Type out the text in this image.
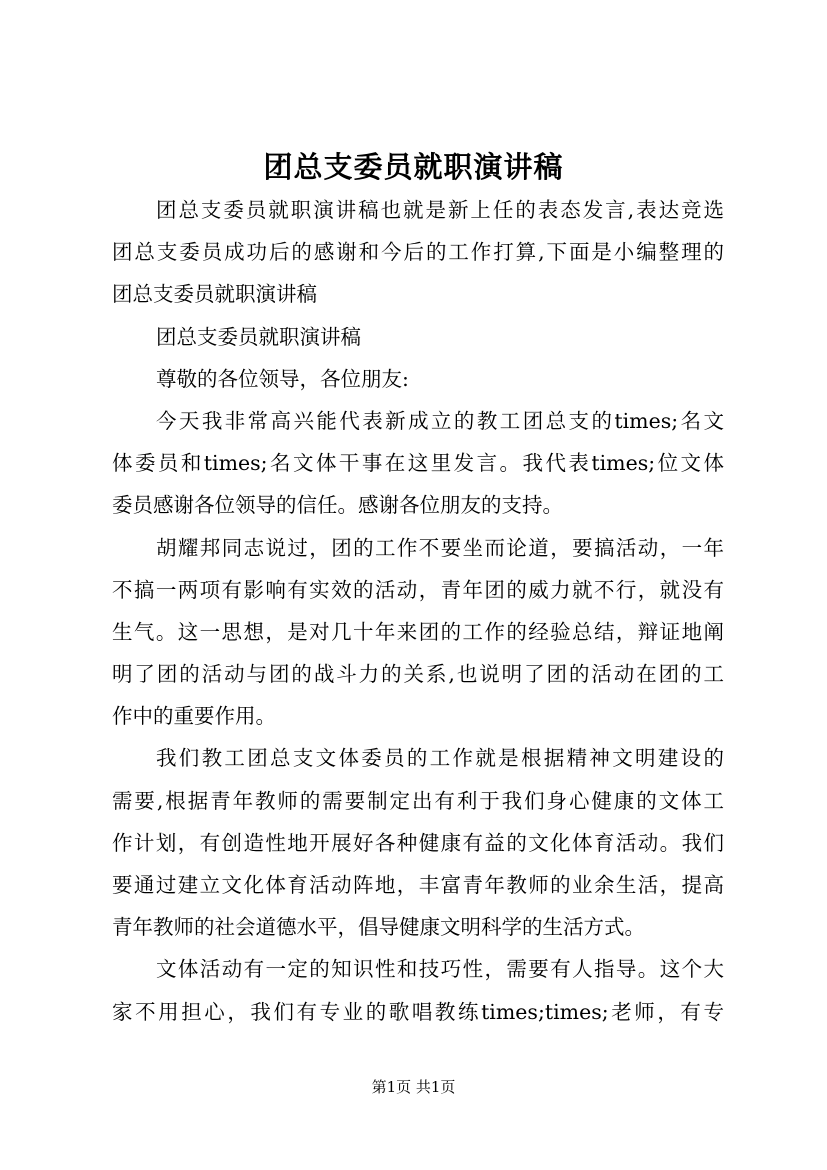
团总支委员就职演讲稿
团总支委员就职演讲稿也就是新上任的表态发言,表达竞选
团总支委员成功后的感谢和今后的工作打算,下面是小编整理的
团总支委员就职演讲稿
团总支委员就职演讲稿
尊敬的各位领导，各位朋友:
今天我非常高兴能代表新成立的教工团总支的times;名文
体委员和times;名文体干事在这里发言。我代表times;位文体
委员感谢各位领导的信任。感谢各位朋友的支持。
胡耀邦同志说过，团的工作不要坐而论道，要搞活动，一年
不搞一两项有影响有实效的活动，青年团的威力就不行，就没有
生气。这一思想，是对几十年来团的工作的经验总结，辩证地阐
明了团的活动与团的战斗力的关系,也说明了团的活动在团的工
作中的重要作用。
我们教工团总支文体委员的工作就是根据精神文明建设的
需要,根据青年教师的需要制定出有利于我们身心健康的文体工
作计划，有创造性地开展好各种健康有益的文化体育活动。我们
要通过建立文化体育活动阵地，丰富青年教师的业余生活，提高
青年教师的社会道德水平，倡导健康文明科学的生活方式。
文体活动有一定的知识性和技巧性，需要有人指导。这个大
家不用担心，我们有专业的歌唱教练times;times;老师，有专
第1页 共1页
